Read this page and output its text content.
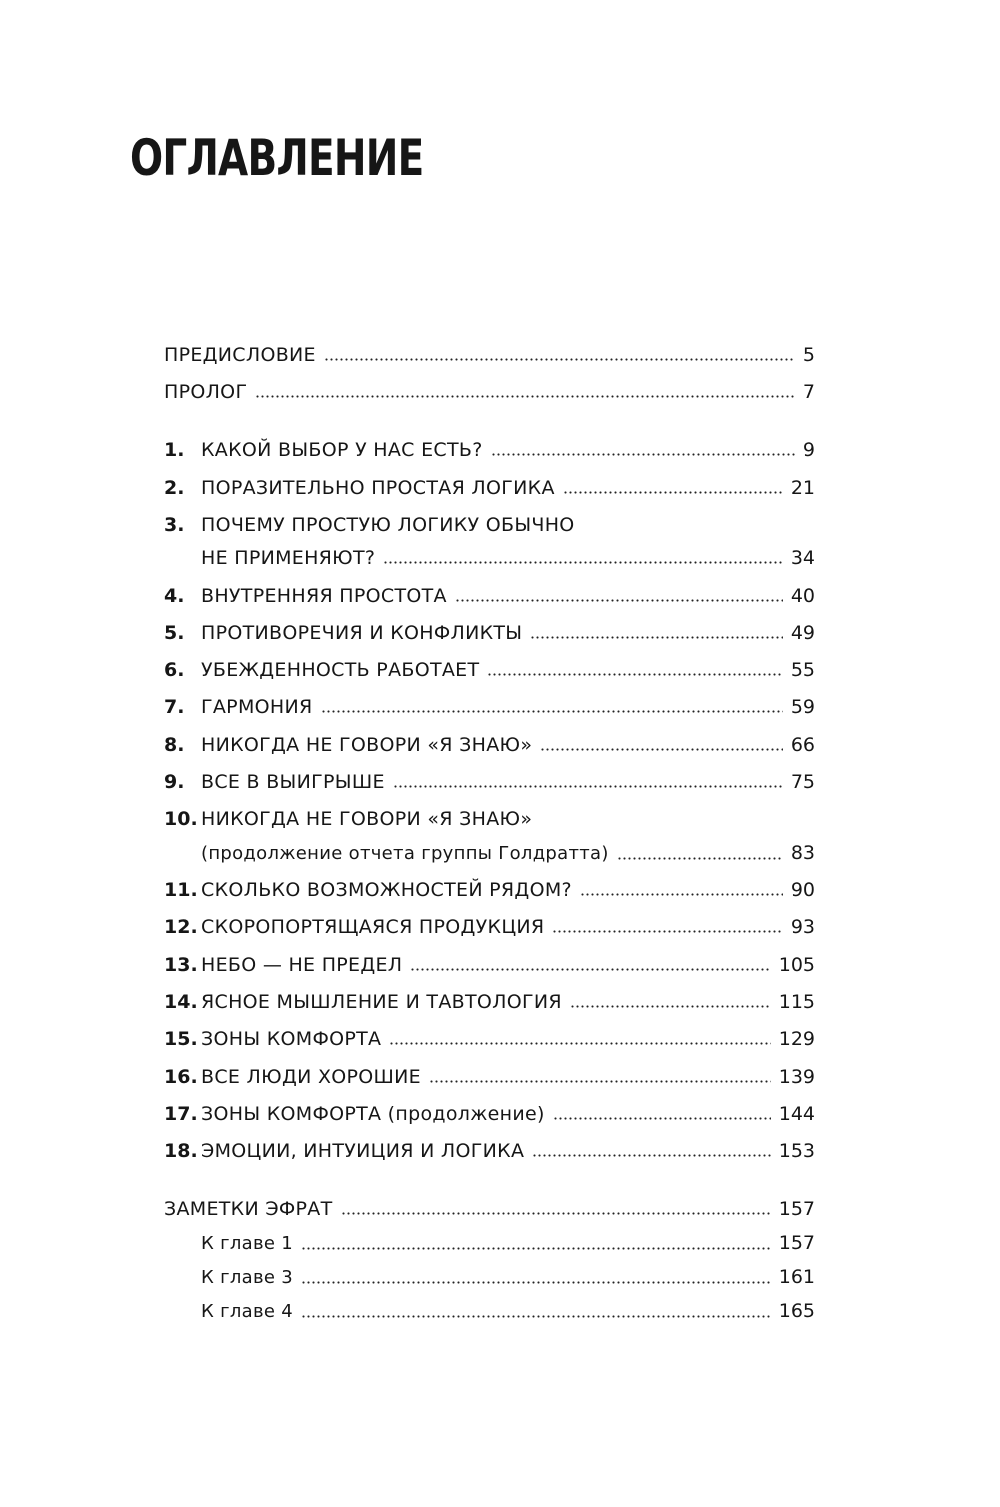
ОГЛАВЛЕНИЕ
ПРЕДИСЛОВИЕ	5
ПРОЛОГ	7
1. КАКОЙ ВЫБОР У НАС ЕСТЬ?	9
2. ПОРАЗИТЕЛЬНО ПРОСТАЯ ЛОГИКА	21
3. ПОЧЕМУ ПРОСТУЮ ЛОГИКУ ОБЫЧНО
НЕ ПРИМЕНЯЮТ?	34
4. ВНУТРЕННЯЯ ПРОСТОТА	40
5. ПРОТИВОРЕЧИЯ И КОНФЛИКТЫ	49
6. УБЕЖДЕННОСТЬ РАБОТАЕТ	55
7. ГАРМОНИЯ	59
8. НИКОГДА НЕ ГОВОРИ «Я ЗНАЮ»	66
9. ВСЕ В ВЫИГРЫШЕ	75
10. НИКОГДА НЕ ГОВОРИ «Я ЗНАЮ»
(продолжение отчета группы Голдратта)	83
11. СКОЛЬКО ВОЗМОЖНОСТЕЙ РЯДОМ?	90
12. СКОРОПОРТЯЩАЯСЯ ПРОДУКЦИЯ	93
13. НЕБО — НЕ ПРЕДЕЛ	105
14. ЯСНОЕ МЫШЛЕНИЕ И ТАВТОЛОГИЯ	115
15. ЗОНЫ КОМФОРТА	129
16. ВСЕ ЛЮДИ ХОРОШИЕ	139
17. ЗОНЫ КОМФОРТА (продолжение)	144
18. ЭМОЦИИ, ИНТУИЦИЯ И ЛОГИКА	153
ЗАМЕТКИ ЭФРАТ	157
К главе 1	157
К главе 3	161
К главе 4	165
